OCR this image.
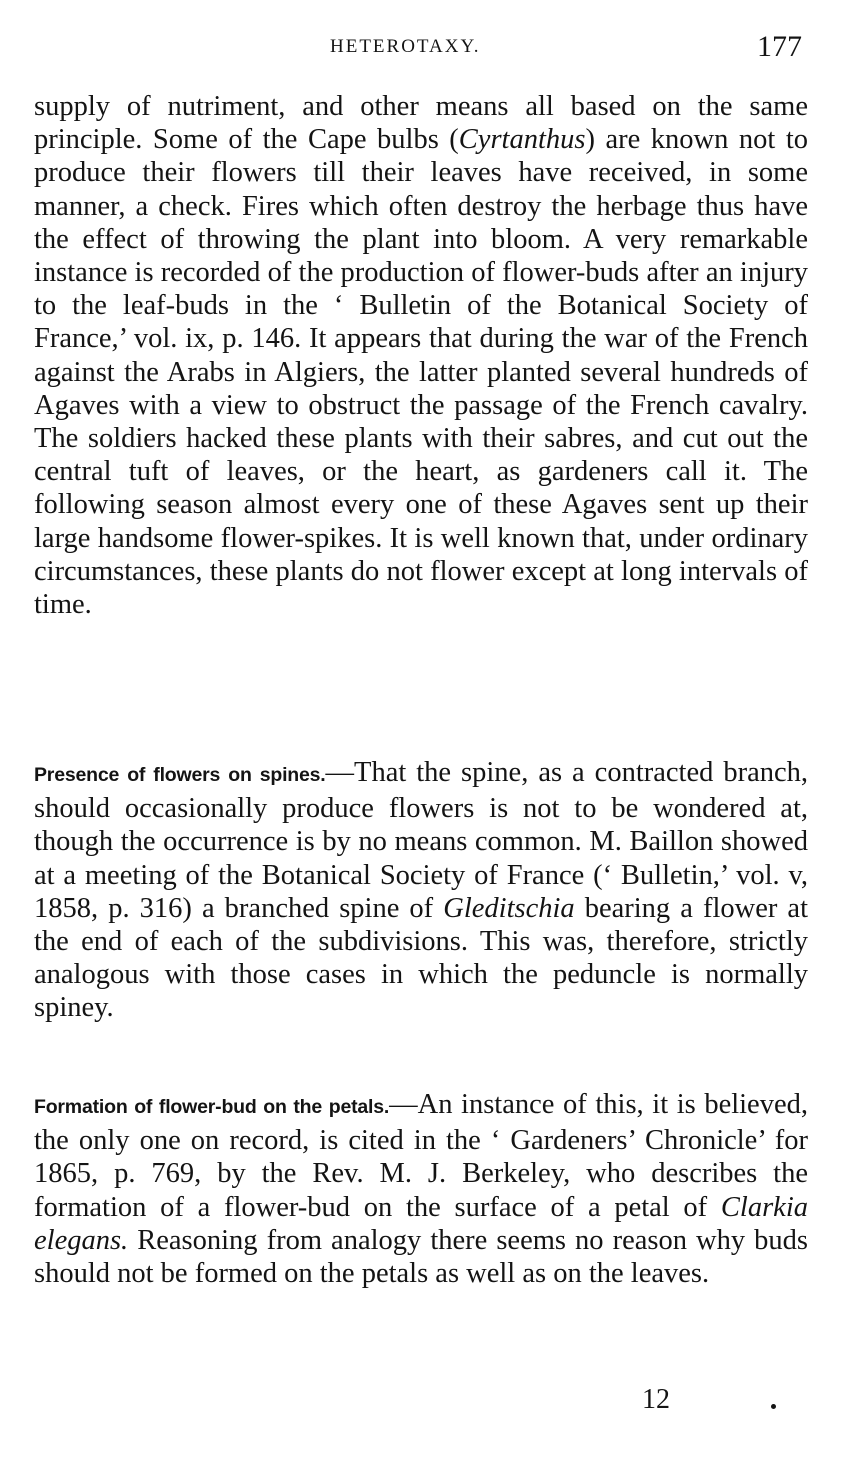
HETEROTAXY.	177

supply of nutriment, and other means all based on the same principle. Some of the Cape bulbs (Cyrtanthus) are known not to produce their flowers till their leaves have received, in some manner, a check. Fires which often destroy the herbage thus have the effect of throwing the plant into bloom. A very remarkable instance is recorded of the production of flower-buds after an injury to the leaf-buds in the ‘ Bulletin of the Botanical Society of France,’ vol. ix, p. 146. It appears that during the war of the French against the Arabs in Algiers, the latter planted several hundreds of Agaves with a view to obstruct the passage of the French cavalry. The soldiers hacked these plants with their sabres, and cut out the central tuft of leaves, or the heart, as gardeners call it. The following season almost every one of these Agaves sent up their large handsome flower-spikes. It is well known that, under ordinary circumstances, these plants do not flower except at long intervals of time.

Presence of flowers on spines.—That the spine, as a contracted branch, should occasionally produce flowers is not to be wondered at, though the occurrence is by no means common. M. Baillon showed at a meeting of the Botanical Society of France (‘ Bulletin,’ vol. v, 1858, p. 316) a branched spine of Gleditschia bearing a flower at the end of each of the subdivisions. This was, therefore, strictly analogous with those cases in which the peduncle is normally spiney.

Formation of flower-bud on the petals.—An instance of this, it is believed, the only one on record, is cited in the ‘ Gardeners’ Chronicle’ for 1865, p. 769, by the Rev. M. J. Berkeley, who describes the formation of a flower-bud on the surface of a petal of Clarkia elegans. Reasoning from analogy there seems no reason why buds should not be formed on the petals as well as on the leaves.

12
